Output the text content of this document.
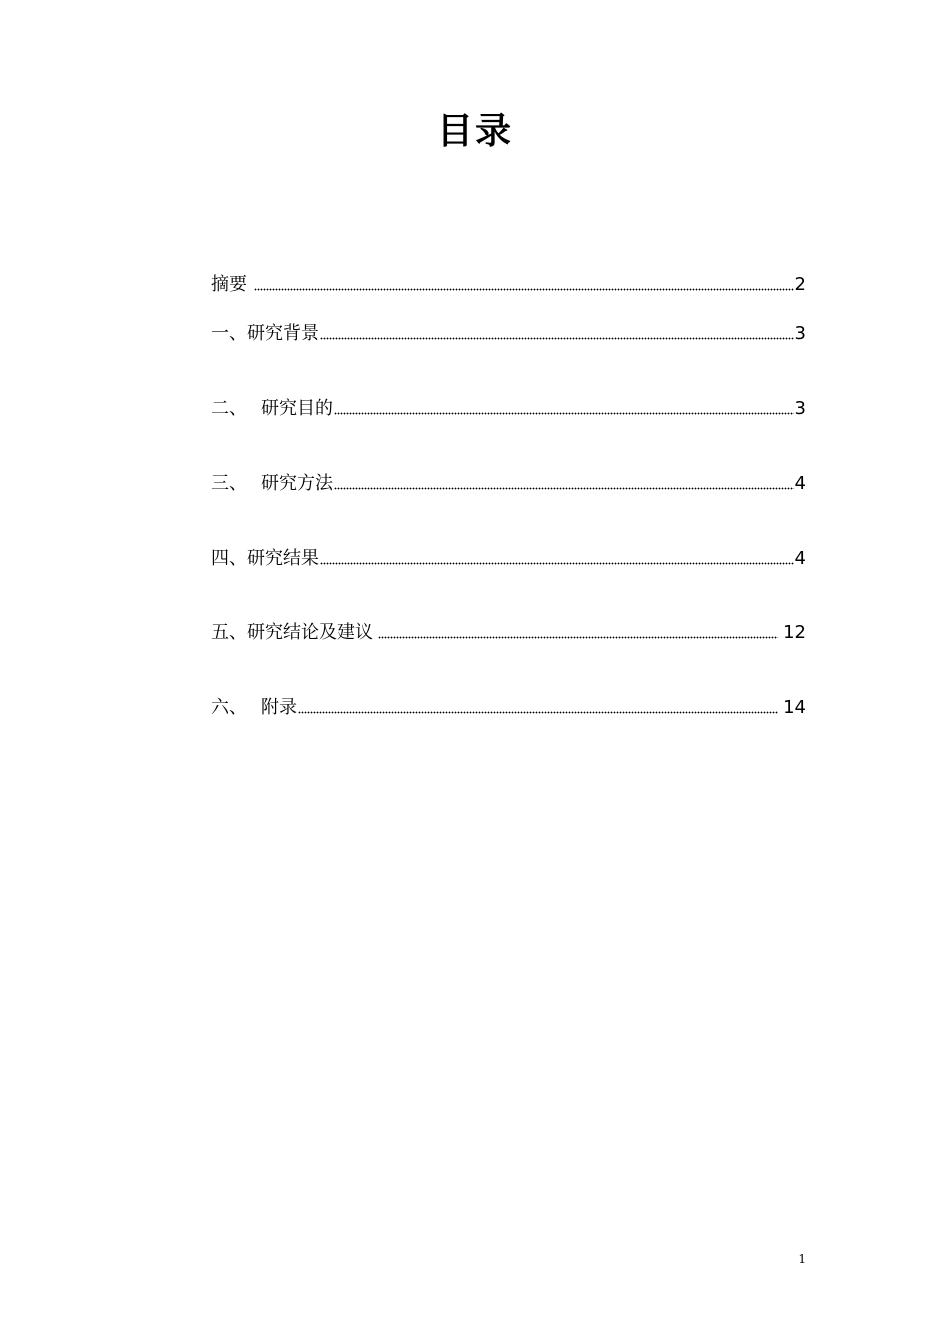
目录
摘要	2
一、 研究背景	3
二、 研究目的	3
三、 研究方法	4
四、 研究结果	4
五、 研究结论及建议	12
六、 附录	14
1
